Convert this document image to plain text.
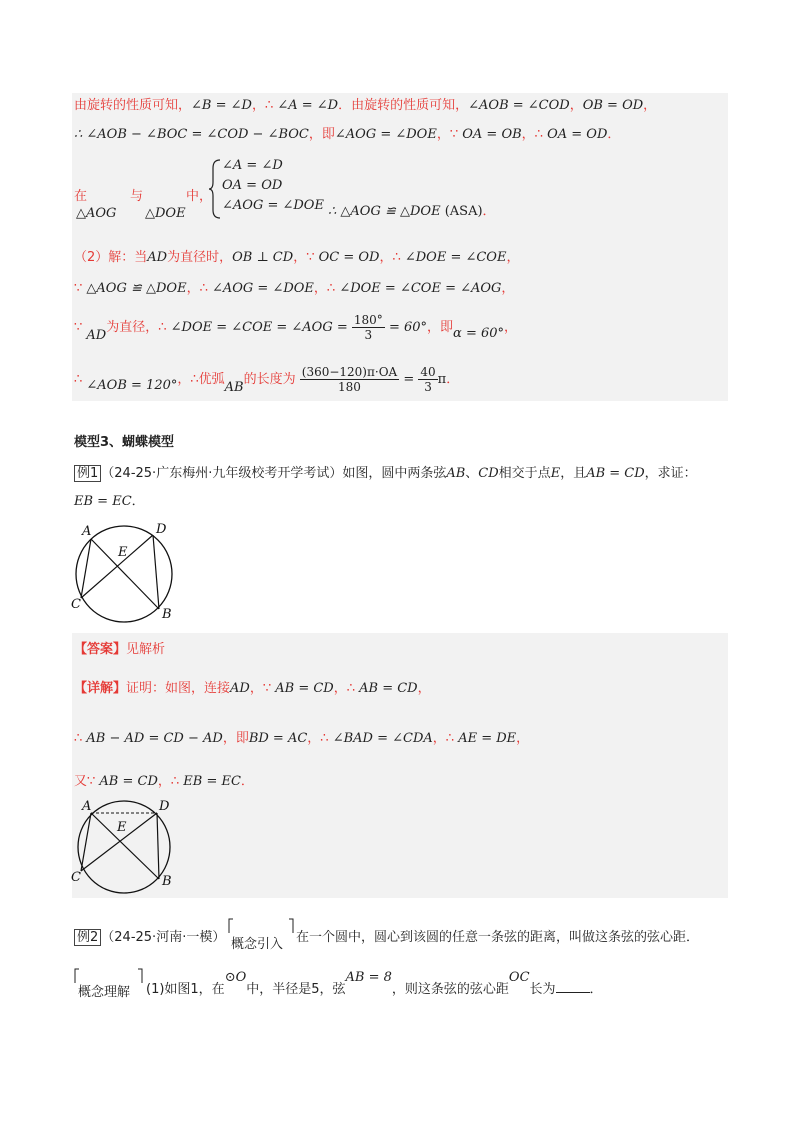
由旋转的性质可知，∠B = ∠D，∴ ∠A = ∠D．由旋转的性质可知，∠AOB = ∠COD，OB = OD，
∴ ∠AOB − ∠BOC = ∠COD − ∠BOC，即∠AOG = ∠DOE，∵ OA = OB，∴ OA = OD．
在
△AOG
与
△DOE
中，
∠A = ∠D
OA = OD
∠AOG = ∠DOE ∴ △AOG ≌ △DOE (ASA)．
（2）解：当AD为直径时，OB ⊥ CD，∵ OC = OD，∴ ∠DOE = ∠COE，
∵ △AOG ≌ △DOE，∴ ∠AOG = ∠DOE，∴ ∠DOE = ∠COE = ∠AOG，
∵ AD为直径，∴ ∠DOE = ∠COE = ∠AOG = $\frac{180^\circ}{3} = 60^\circ$，即α = 60°，
∴ ∠AOB = 120°，∴优弧AB的长度为 $\frac{(360-120)\pi\cdot OA}{180} = \frac{40}{3}$ π．
模型3、蝴蝶模型
例1 （24-25·广东梅州·九年级校考开学考试）如图，圆中两条弦AB、CD相交于点E，且AB = CD，求证：
EB = EC．
A	D
E
C
B
【答案】见解析
【详解】证明：如图，连接AD，∵ AB = CD，∴ AB = CD，
∴ AB − AD = CD − AD，即BD = AC，∴ ∠BAD = ∠CDA，∴ AE = DE，
又∵ AB = CD，∴ EB = EC．
A	D
E
C	B
例2 （24-25·河南·一模） 概念引入 在一个圆中，圆心到该圆的任意一条弦的距离，叫做这条弦的弦心距．
概念理解 (1)如图1，在⊙O中，半径是5，弦AB = 8，则这条弦的弦心距OC长为	．
